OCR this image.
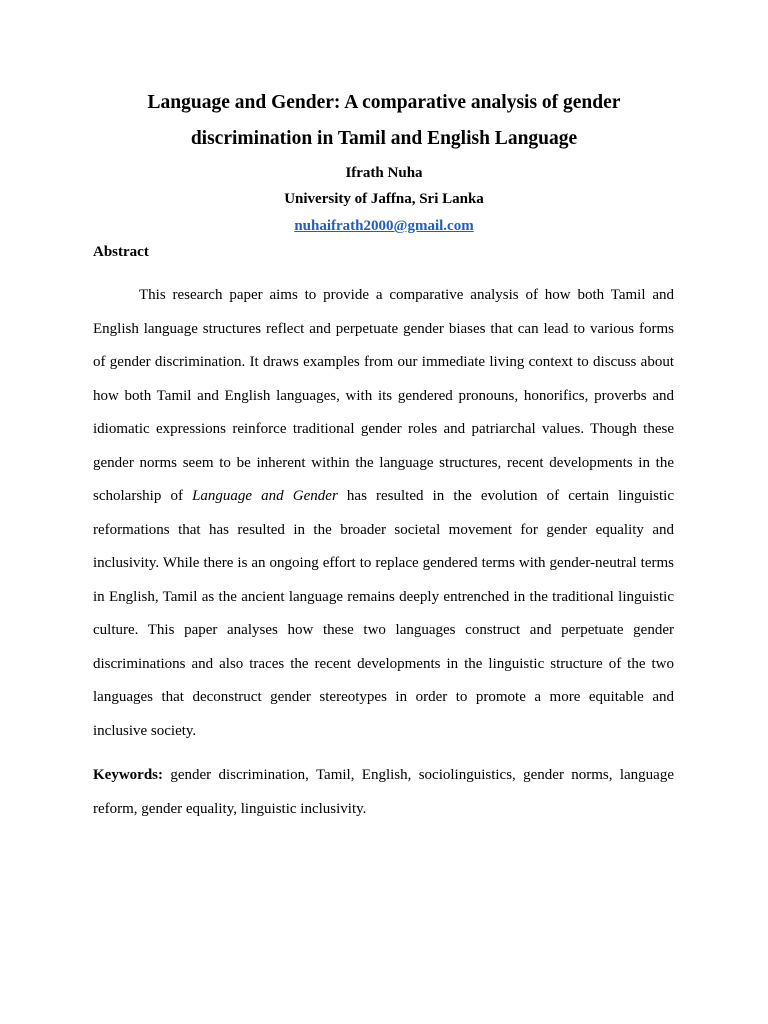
Language and Gender: A comparative analysis of gender
discrimination in Tamil and English Language
Ifrath Nuha
University of Jaffna, Sri Lanka
nuhaifrath2000@gmail.com
Abstract

This research paper aims to provide a comparative analysis of how both Tamil and English language structures reflect and perpetuate gender biases that can lead to various forms of gender discrimination. It draws examples from our immediate living context to discuss about how both Tamil and English languages, with its gendered pronouns, honorifics, proverbs and idiomatic expressions reinforce traditional gender roles and patriarchal values. Though these gender norms seem to be inherent within the language structures, recent developments in the scholarship of Language and Gender has resulted in the evolution of certain linguistic reformations that has resulted in the broader societal movement for gender equality and inclusivity. While there is an ongoing effort to replace gendered terms with gender-neutral terms in English, Tamil as the ancient language remains deeply entrenched in the traditional linguistic culture. This paper analyses how these two languages construct and perpetuate gender discriminations and also traces the recent developments in the linguistic structure of the two languages that deconstruct gender stereotypes in order to promote a more equitable and inclusive society.

Keywords: gender discrimination, Tamil, English, sociolinguistics, gender norms, language reform, gender equality, linguistic inclusivity.
